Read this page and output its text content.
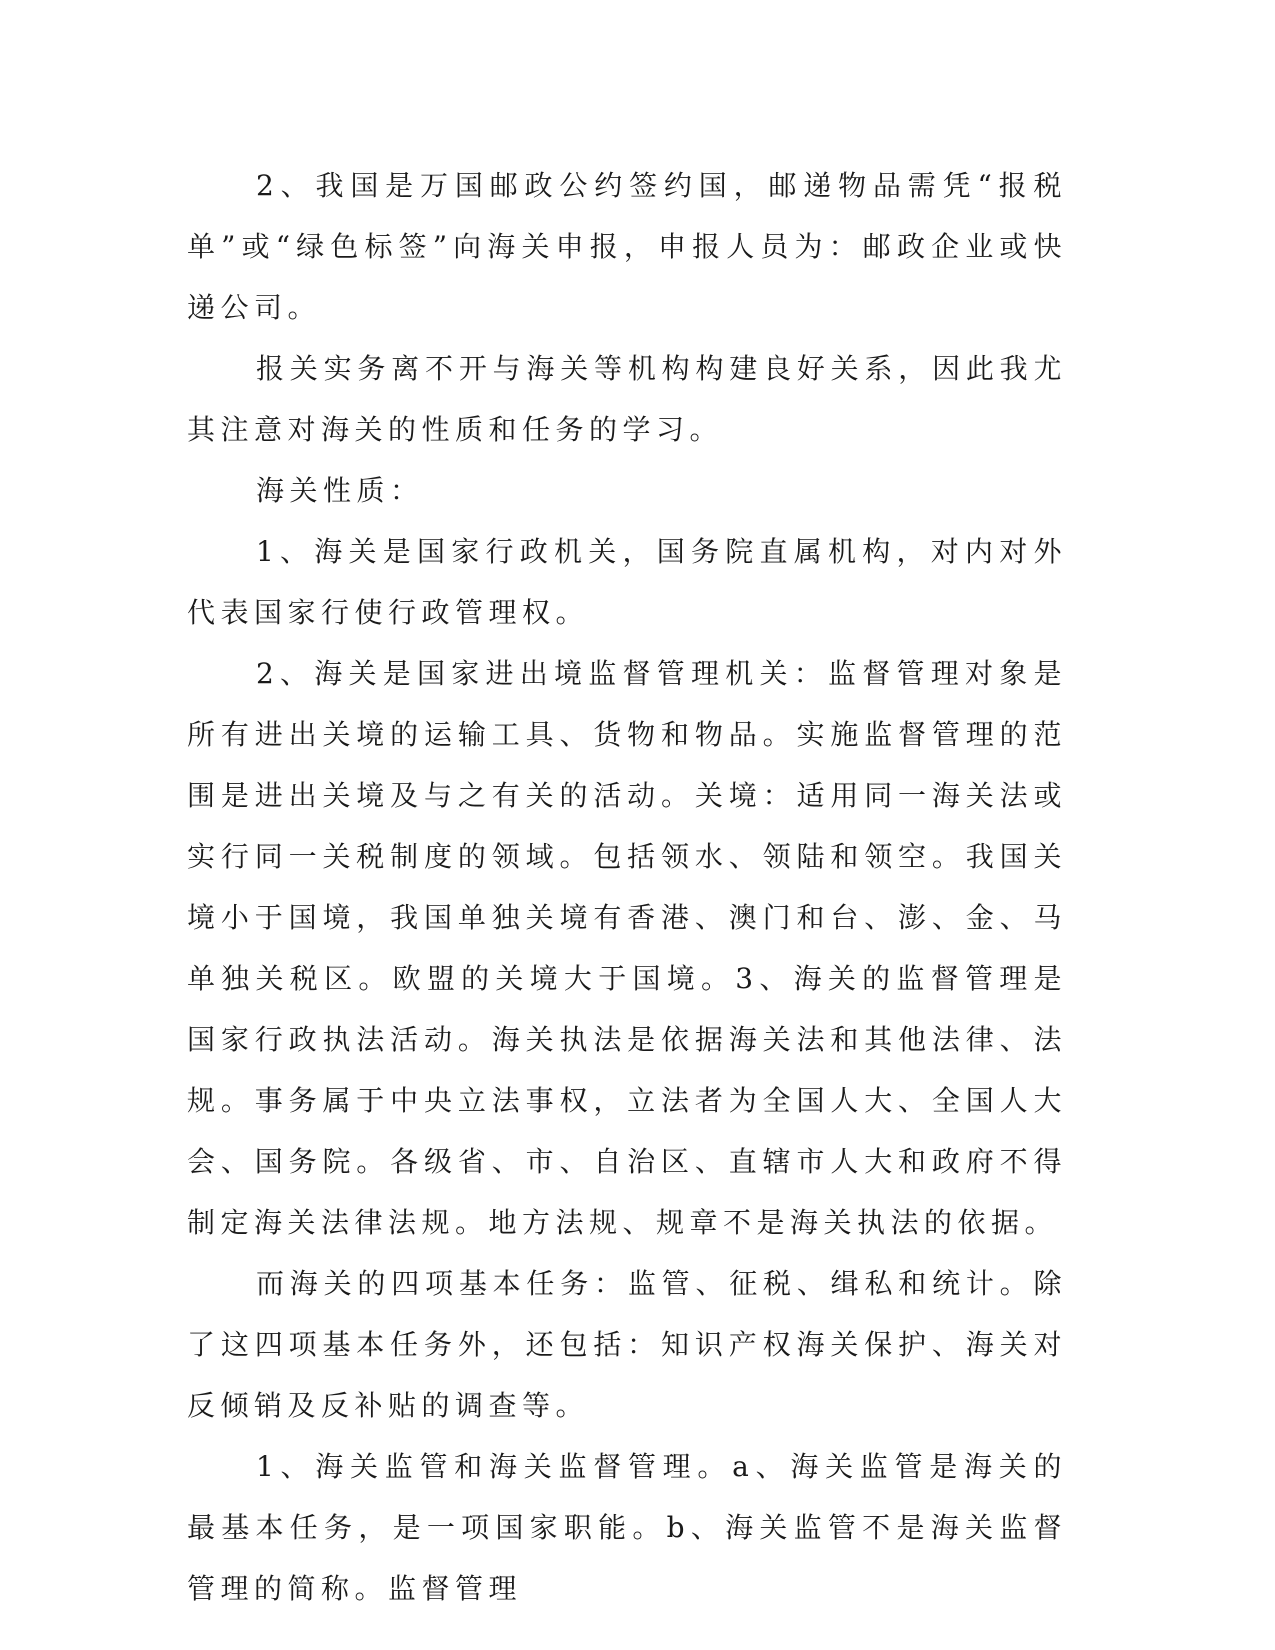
2、我国是万国邮政公约签约国，邮递物品需凭“报税单”或“绿色标签”向海关申报，申报人员为：邮政企业或快递公司。

报关实务离不开与海关等机构构建良好关系，因此我尤其注意对海关的性质和任务的学习。

海关性质：

1、海关是国家行政机关，国务院直属机构，对内对外代表国家行使行政管理权。

2、海关是国家进出境监督管理机关：监督管理对象是所有进出关境的运输工具、货物和物品。实施监督管理的范围是进出关境及与之有关的活动。关境：适用同一海关法或实行同一关税制度的领域。包括领水、领陆和领空。我国关境小于国境，我国单独关境有香港、澳门和台、澎、金、马单独关税区。欧盟的关境大于国境。3、海关的监督管理是国家行政执法活动。海关执法是依据海关法和其他法律、法规。事务属于中央立法事权，立法者为全国人大、全国人大会、国务院。各级省、市、自治区、直辖市人大和政府不得制定海关法律法规。地方法规、规章不是海关执法的依据。

而海关的四项基本任务：监管、征税、缉私和统计。除了这四项基本任务外，还包括：知识产权海关保护、海关对反倾销及反补贴的调查等。

1、海关监管和海关监督管理。a、海关监管是海关的最基本任务，是一项国家职能。b、海关监管不是海关监督管理的简称。监督管理
